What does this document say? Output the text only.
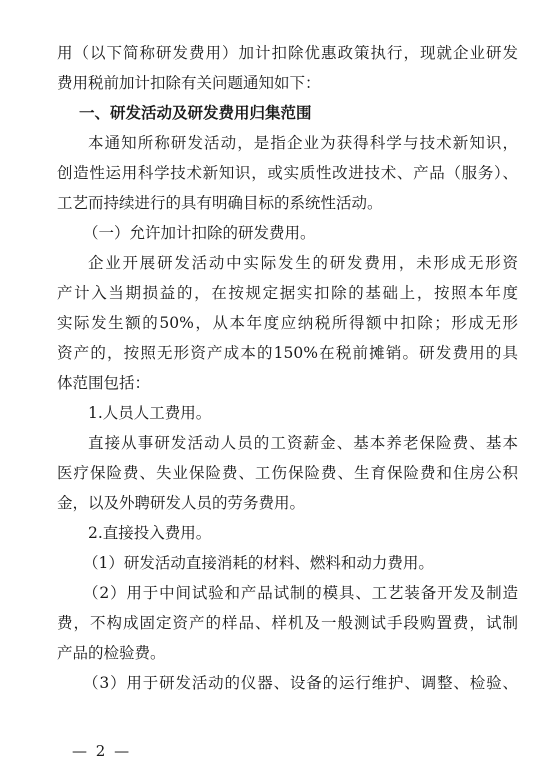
用（以下简称研发费用）加计扣除优惠政策执行，现就企业研发
费用税前加计扣除有关问题通知如下：
一、研发活动及研发费用归集范围
本通知所称研发活动，是指企业为获得科学与技术新知识，
创造性运用科学技术新知识，或实质性改进技术、产品（服务）、
工艺而持续进行的具有明确目标的系统性活动。
（一）允许加计扣除的研发费用。
企业开展研发活动中实际发生的研发费用，未形成无形资
产计入当期损益的，在按规定据实扣除的基础上，按照本年度
实际发生额的50%，从本年度应纳税所得额中扣除；形成无形
资产的，按照无形资产成本的150%在税前摊销。研发费用的具
体范围包括：
1.人员人工费用。
直接从事研发活动人员的工资薪金、基本养老保险费、基本
医疗保险费、失业保险费、工伤保险费、生育保险费和住房公积
金，以及外聘研发人员的劳务费用。
2.直接投入费用。
（1）研发活动直接消耗的材料、燃料和动力费用。
（2）用于中间试验和产品试制的模具、工艺装备开发及制造
费，不构成固定资产的样品、样机及一般测试手段购置费，试制
产品的检验费。
（3）用于研发活动的仪器、设备的运行维护、调整、检验、
— 2 —
